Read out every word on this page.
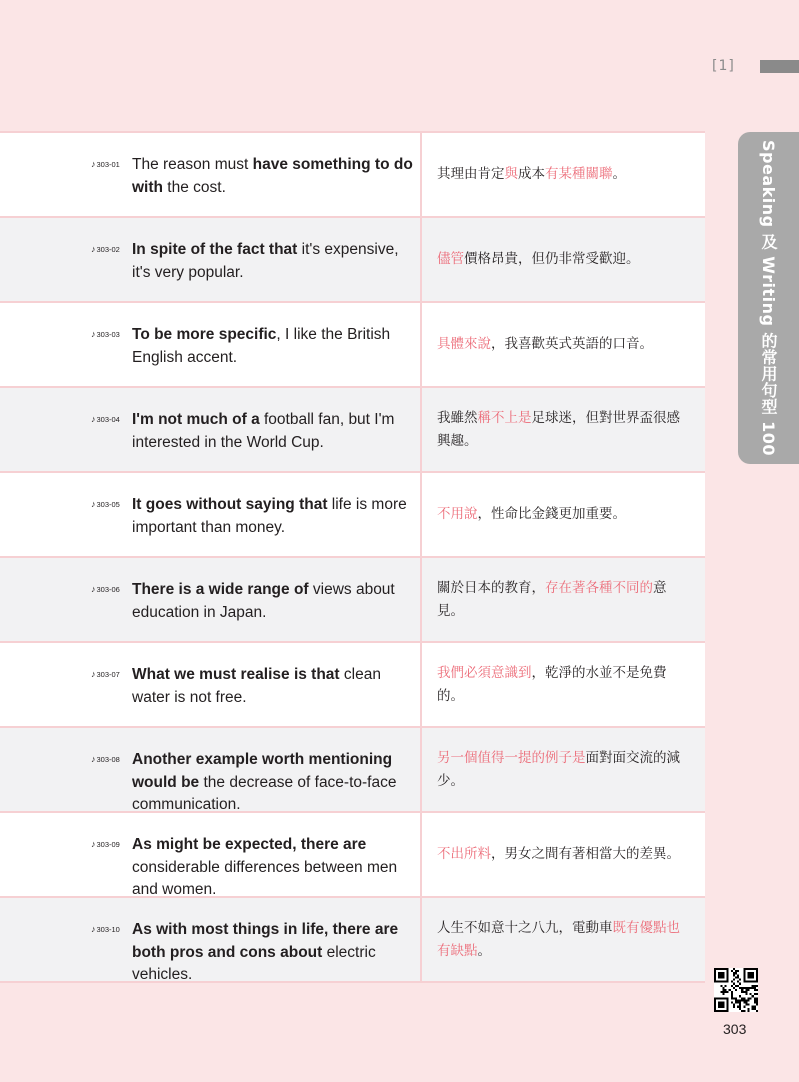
[1]
Speaking 及 Writing 的常用句型 100
♪303-01 The reason must have something to do with the cost.
其理由肯定與成本有某種關聯。
♪303-02 In spite of the fact that it's expensive, it's very popular.
儘管價格昂貴，但仍非常受歡迎。
♪303-03 To be more specific, I like the British English accent.
具體來說，我喜歡英式英語的口音。
♪303-04 I'm not much of a football fan, but I'm interested in the World Cup.
我雖然稱不上是足球迷，但對世界盃很感興趣。
♪303-05 It goes without saying that life is more important than money.
不用說，性命比金錢更加重要。
♪303-06 There is a wide range of views about education in Japan.
關於日本的教育，存在著各種不同的意見。
♪303-07 What we must realise is that clean water is not free.
我們必須意識到，乾淨的水並不是免費的。
♪303-08 Another example worth mentioning would be the decrease of face-to-face communication.
另一個值得一提的例子是面對面交流的減少。
♪303-09 As might be expected, there are considerable differences between men and women.
不出所料，男女之間有著相當大的差異。
♪303-10 As with most things in life, there are both pros and cons about electric vehicles.
人生不如意十之八九，電動車既有優點也有缺點。
303
